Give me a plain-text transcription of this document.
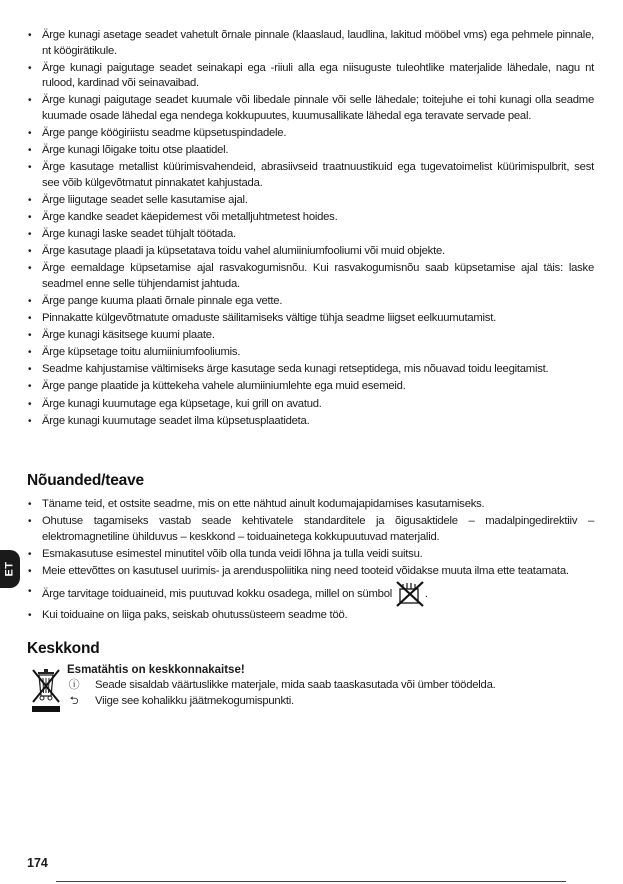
ET
• Ärge kunagi asetage seadet vahetult õrnale pinnale (klaaslaud, laudlina, lakitud mööbel vms) ega pehmele pinnale, nt köögirätikule.
• Ärge kunagi paigutage seadet seinakapi ega -riiuli alla ega niisuguste tuleohtlike materjalide lähedale, nagu nt rulood, kardinad või seinavaibad.
• Ärge kunagi paigutage seadet kuumale või libedale pinnale või selle lähedale; toitejuhe ei tohi kunagi olla seadme kuumade osade lähedal ega nendega kokkupuutes, kuumusallikate lähedal ega teravate servade peal.
• Ärge pange köögiriistu seadme küpsetuspindadele.
• Ärge kunagi lõigake toitu otse plaatidel.
• Ärge kasutage metallist küürimisvahendeid, abrasiivseid traatnuustikuid ega tugevatoimelist küürimispulbrit, sest see võib külgevõtmatut pinnakatet kahjustada.
• Ärge liigutage seadet selle kasutamise ajal.
• Ärge kandke seadet käepidemest või metalljuhtmetest hoides.
• Ärge kunagi laske seadet tühjalt töötada.
• Ärge kasutage plaadi ja küpsetatava toidu vahel alumiiniumfooliumi või muid objekte.
• Ärge eemaldage küpsetamise ajal rasvakogumisnõu. Kui rasvakogumisnõu saab küpsetamise ajal täis: laske seadmel enne selle tühjendamist jahtuda.
• Ärge pange kuuma plaati õrnale pinnale ega vette.
• Pinnakatte külgevõtmatute omaduste säilitamiseks vältige tühja seadme liigset eelkuumutamist.
• Ärge kunagi käsitsege kuumi plaate.
• Ärge küpsetage toitu alumiiniumfooliumis.
• Seadme kahjustamise vältimiseks ärge kasutage seda kunagi retseptidega, mis nõuavad toidu leegitamist.
• Ärge pange plaatide ja küttekeha vahele alumiiniumlehte ega muid esemeid.
• Ärge kunagi kuumutage ega küpsetage, kui grill on avatud.
• Ärge kunagi kuumutage seadet ilma küpsetusplaatideta.
Nõuanded/teave
• Täname teid, et ostsite seadme, mis on ette nähtud ainult kodumajapidamises kasutamiseks.
• Ohutuse tagamiseks vastab seade kehtivatele standarditele ja õigusaktidele – madalpingedirektiiv – elektromagnetiline ühilduvus – keskkond – toiduainetega kokkupuutuvad materjalid.
• Esmakasutuse esimestel minutitel võib olla tunda veidi lõhna ja tulla veidi suitsu.
• Meie ettevõttes on kasutusel uurimis- ja arenduspoliitika ning need tooteid võidakse muuta ilma ette teatamata.
• Ärge tarvitage toiduaineid, mis puutuvad kokku osadega, millel on sümbol	.
• Kui toiduaine on liiga paks, seiskab ohutussüsteem seadme töö.
Keskkond
Esmatähtis on keskkonnakaitse!
ⓘ Seade sisaldab väärtuslikke materjale, mida saab taaskasutada või ümber töödelda.
⮌ Viige see kohalikku jäätmekogumispunkti.
174
